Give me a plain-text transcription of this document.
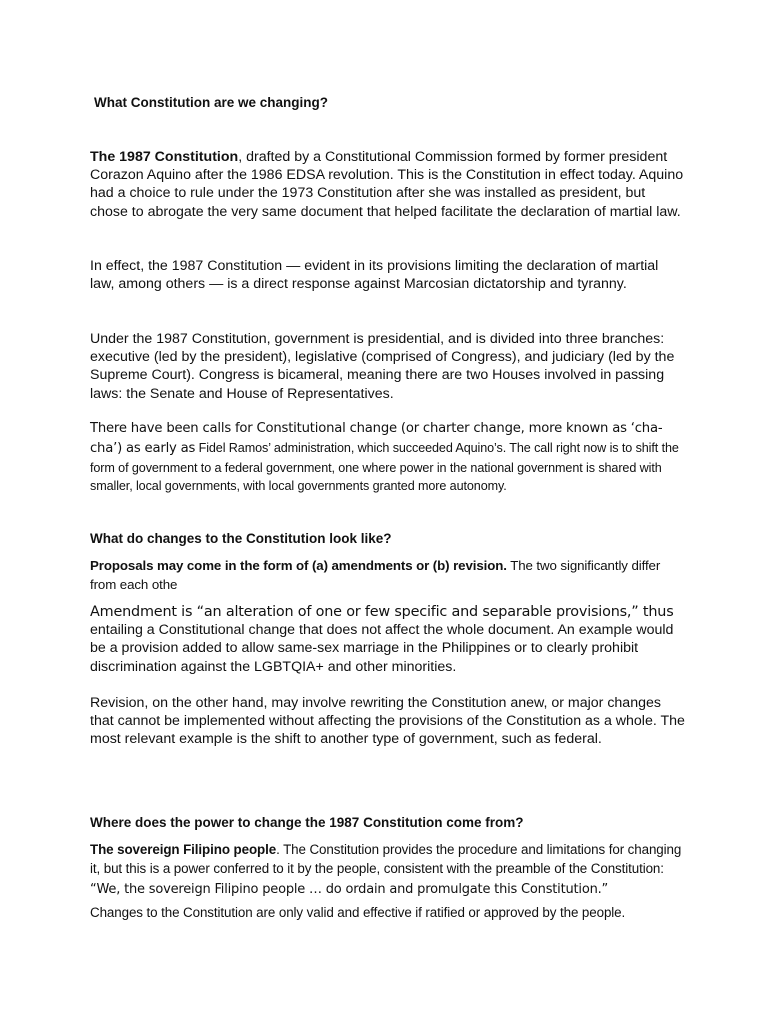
What Constitution are we changing?

The 1987 Constitution, drafted by a Constitutional Commission formed by former president Corazon Aquino after the 1986 EDSA revolution. This is the Constitution in effect today. Aquino had a choice to rule under the 1973 Constitution after she was installed as president, but chose to abrogate the very same document that helped facilitate the declaration of martial law.

In effect, the 1987 Constitution — evident in its provisions limiting the declaration of martial law, among others — is a direct response against Marcosian dictatorship and tyranny.

Under the 1987 Constitution, government is presidential, and is divided into three branches: executive (led by the president), legislative (comprised of Congress), and judiciary (led by the Supreme Court). Congress is bicameral, meaning there are two Houses involved in passing laws: the Senate and House of Representatives.

There have been calls for Constitutional change (or charter change, more known as ‘cha-cha’) as early as Fidel Ramos’ administration, which succeeded Aquino’s. The call right now is to shift the form of government to a federal government, one where power in the national government is shared with smaller, local governments, with local governments granted more autonomy.

What do changes to the Constitution look like?

Proposals may come in the form of (a) amendments or (b) revision. The two significantly differ from each othe

Amendment is “an alteration of one or few specific and separable provisions,” thus entailing a Constitutional change that does not affect the whole document. An example would be a provision added to allow same-sex marriage in the Philippines or to clearly prohibit discrimination against the LGBTQIA+ and other minorities.

Revision, on the other hand, may involve rewriting the Constitution anew, or major changes that cannot be implemented without affecting the provisions of the Constitution as a whole. The most relevant example is the shift to another type of government, such as federal.

Where does the power to change the 1987 Constitution come from?

The sovereign Filipino people. The Constitution provides the procedure and limitations for changing it, but this is a power conferred to it by the people, consistent with the preamble of the Constitution: “We, the sovereign Filipino people … do ordain and promulgate this Constitution.”

Changes to the Constitution are only valid and effective if ratified or approved by the people.
